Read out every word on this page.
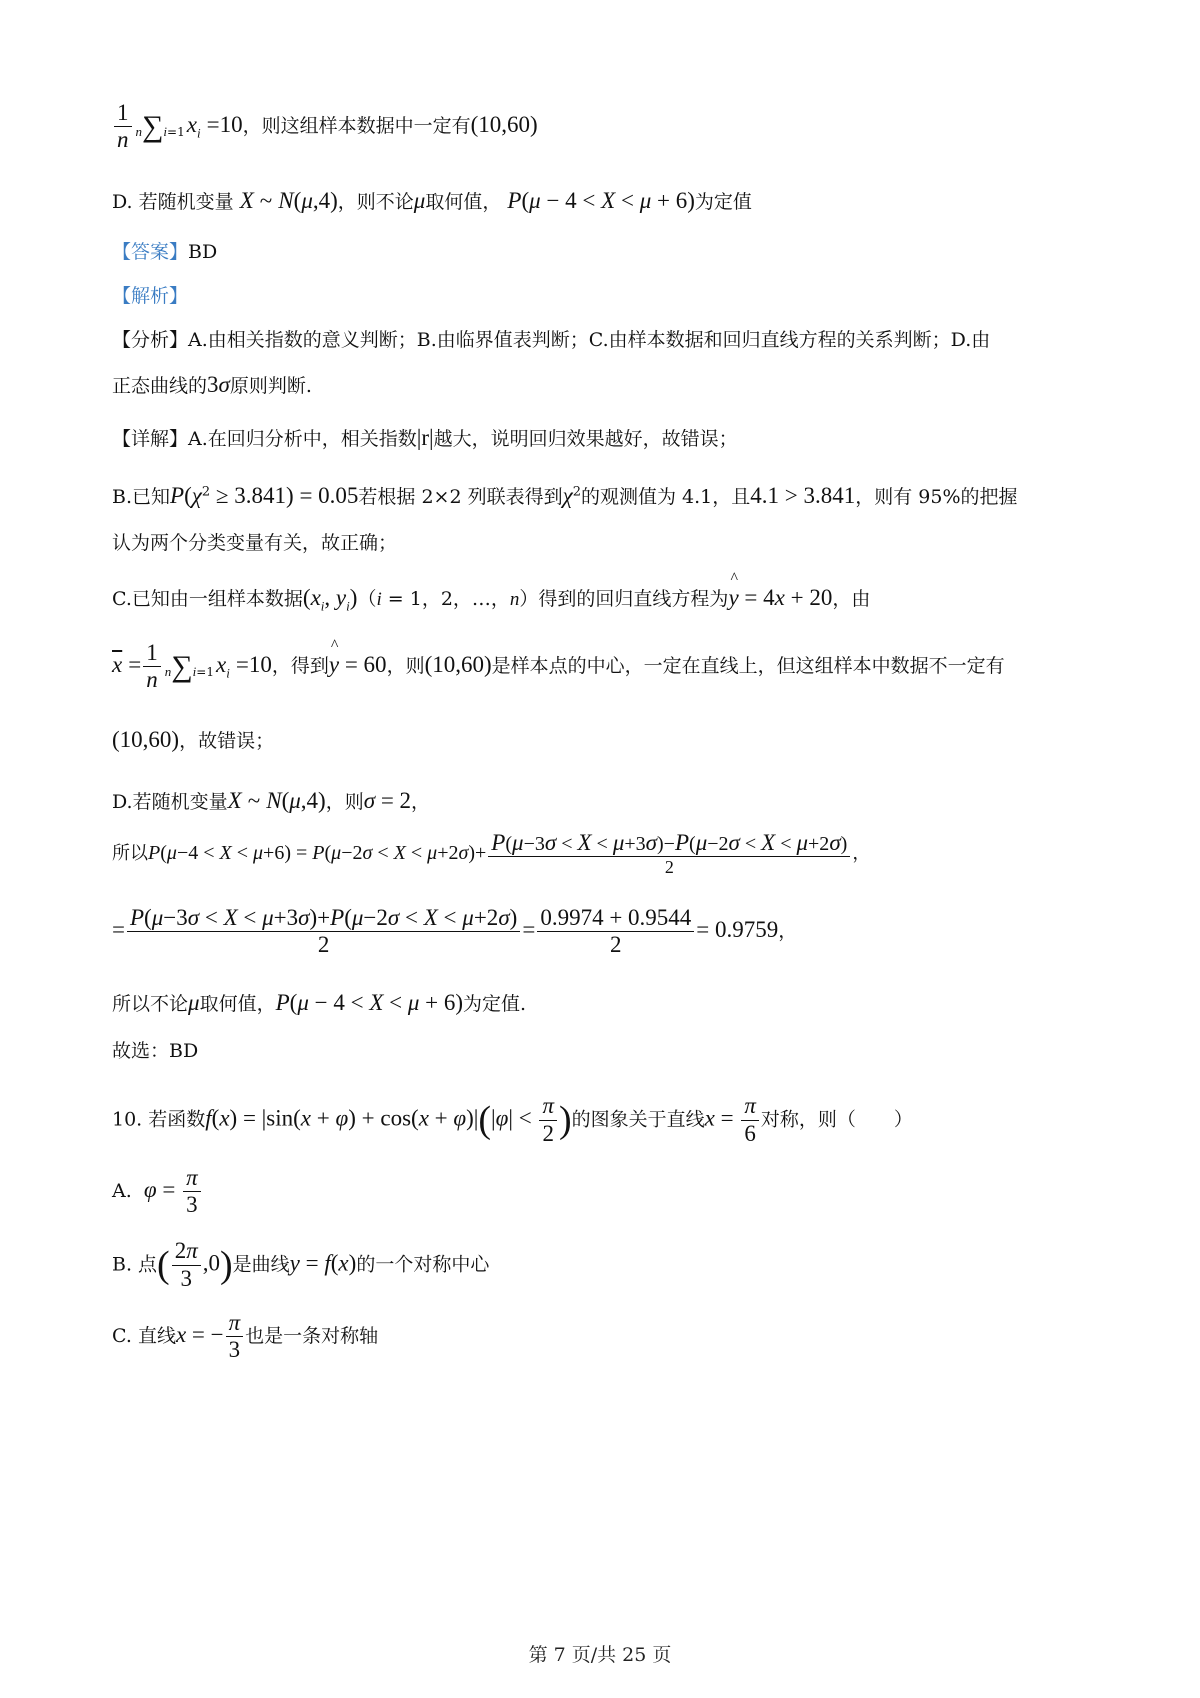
$\frac{1}{n} n\sum i=1x_i =10$，则这组样本数据中一定有(10,60)
D. 若随机变量 X ~ N(μ,4)，则不论μ取何值， P(μ − 4 < X < μ + 6)为定值
【答案】BD
【解析】
【分析】A.由相关指数的意义判断；B.由临界值表判断；C.由样本数据和回归直线方程的关系判断；D.由
正态曲线的3σ原则判断.
【详解】A.在回归分析中，相关指数|r|越大，说明回归效果越好，故错误；
B.已知$P(\chi^2 \ge 3.841) = 0.05$若根据 2×2 列联表得到$\chi^2$的观测值为 4.1，且4.1 > 3.841，则有 95%的把握
认为两个分类变量有关，故正确；
C.已知由一组样本数据($x_i$, $y_i)(i = 1$，2，…，n）得到的回归直线方程为^ y = 4x + 20，由
$\overline{x} = \frac{1}{n} n\sum i=1x_i =10$，得到^ y = 60，则(10,60)是样本点的中心，一定在直线上，但这组样本中数据不一定有
(10,60)，故错误；
D.若随机变量X ~ N(μ,4)，则σ = 2，
所以$P(\mu-4 < X < \mu+6) = P(\mu-2\sigma < X < \mu+2\sigma)+ \frac{P(\mu-3\sigma < X < \mu+3\sigma)-P(\mu-2\sigma < X < \mu+2\sigma)}{2}$ ，
= $\frac{P(\mu-3\sigma < X < \mu+3\sigma)+P(\mu-2\sigma < X < \mu+2\sigma)}{2} = \frac{0.9974 + 0.9544}{2} = 0.9759$，
所以不论μ取何值，P(μ − 4 < X < μ + 6)为定值.
故选：BD
10. 若函数$f(x) = |\sin(x + \varphi) + \cos(x + \varphi)|(|\varphi| < \frac{\pi}{2}$ )的图象关于直线$x = \frac{\pi}{6}$ 对称，则（　　）
A. $\varphi = \frac{\pi}{3}$
B. 点( $\frac{2\pi}{3} ,0$)是曲线y = f(x)的一个对称中心
C. 直线x = − $\frac{\pi}{3}$ 也是一条对称轴
第 7 页/共 25 页
